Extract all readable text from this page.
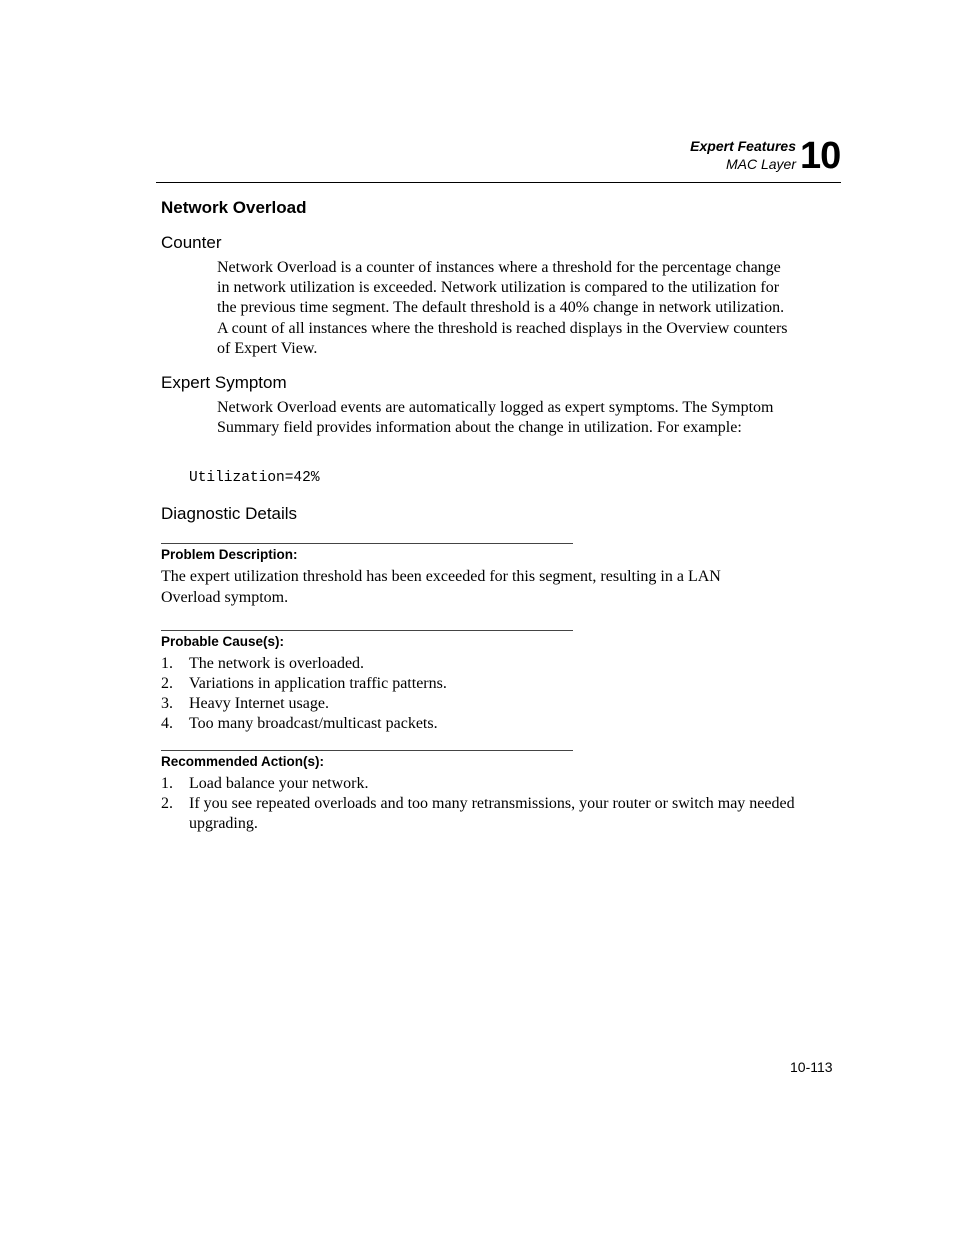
Expert Features
MAC Layer 10
Network Overload
Counter
Network Overload is a counter of instances where a threshold for the percentage change in network utilization is exceeded. Network utilization is compared to the utilization for the previous time segment. The default threshold is a 40% change in network utilization. A count of all instances where the threshold is reached displays in the Overview counters of Expert View.
Expert Symptom
Network Overload events are automatically logged as expert symptoms. The Symptom Summary field provides information about the change in utilization. For example:
Utilization=42%
Diagnostic Details
Problem Description:
The expert utilization threshold has been exceeded for this segment, resulting in a LAN Overload symptom.
Probable Cause(s):
1.	The network is overloaded.
2.	Variations in application traffic patterns.
3.	Heavy Internet usage.
4.	Too many broadcast/multicast packets.
Recommended Action(s):
1.	Load balance your network.
2.	If you see repeated overloads and too many retransmissions, your router or switch may needed upgrading.
10-113
